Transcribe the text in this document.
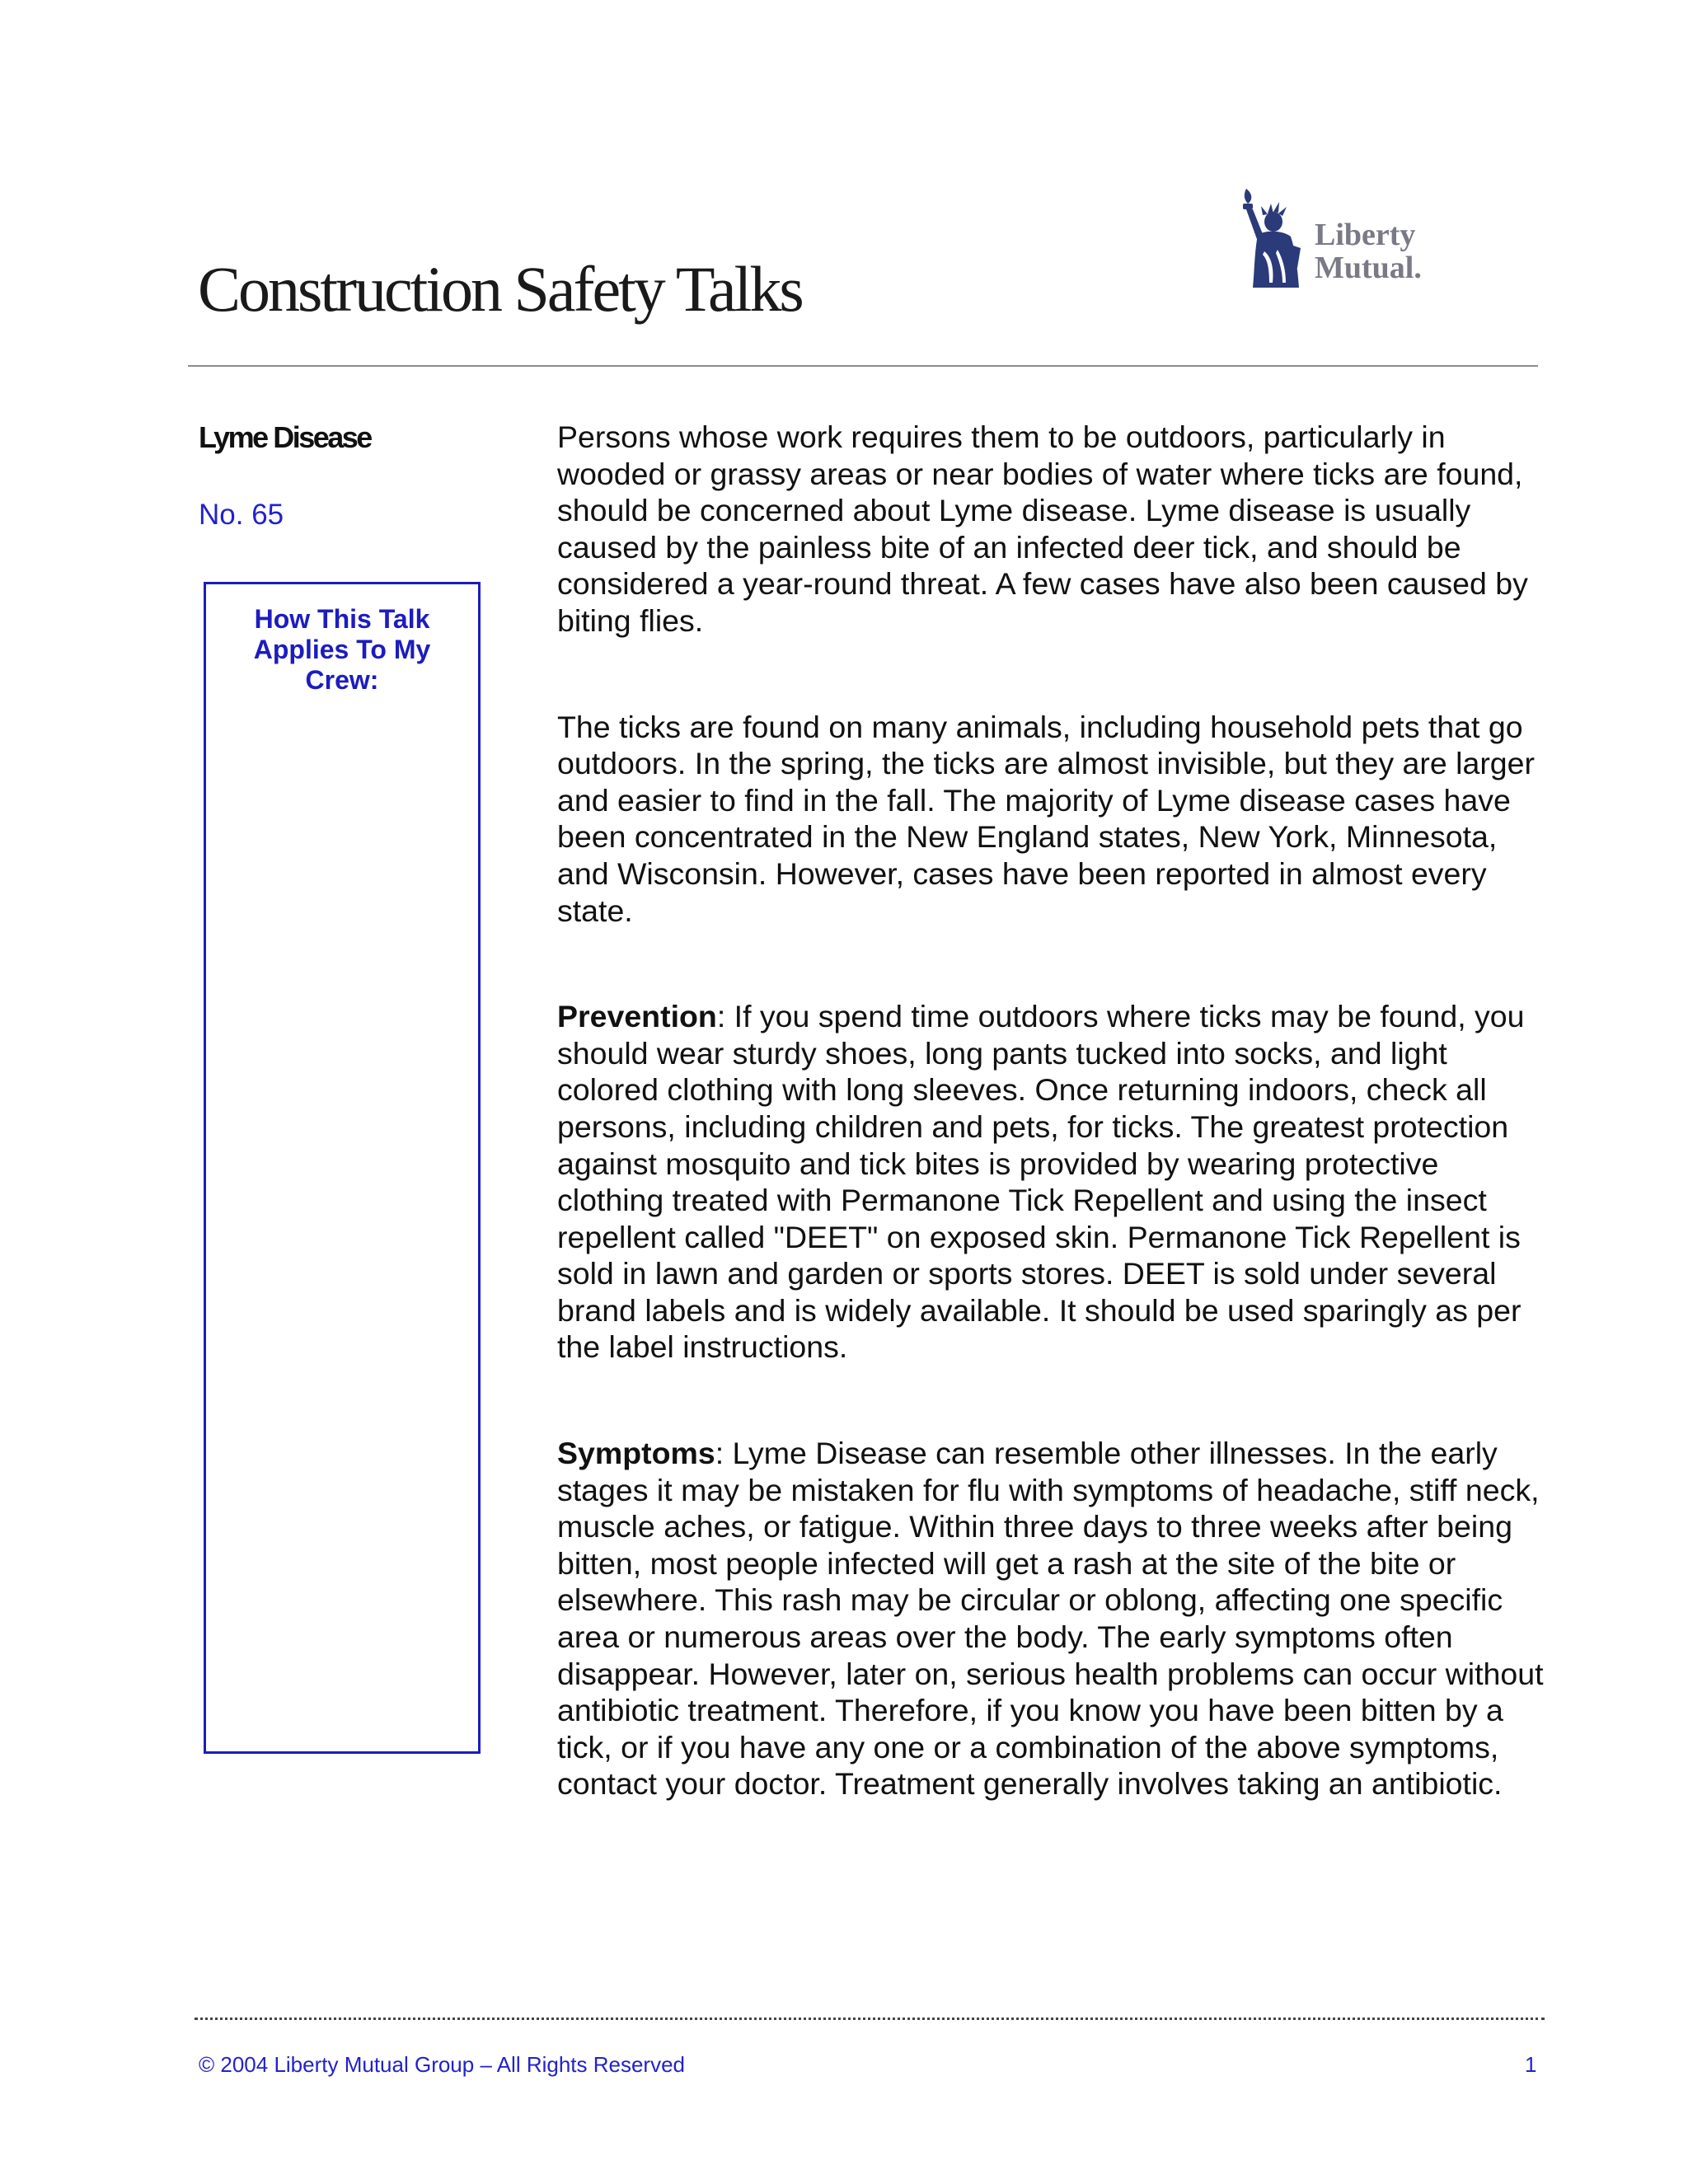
Construction Safety Talks
Liberty
Mutual.
Lyme Disease
No. 65
How This Talk Applies To My Crew:

Persons whose work requires them to be outdoors, particularly in wooded or grassy areas or near bodies of water where ticks are found, should be concerned about Lyme disease. Lyme disease is usually caused by the painless bite of an infected deer tick, and should be considered a year-round threat. A few cases have also been caused by biting flies.

The ticks are found on many animals, including household pets that go outdoors. In the spring, the ticks are almost invisible, but they are larger and easier to find in the fall. The majority of Lyme disease cases have been concentrated in the New England states, New York, Minnesota, and Wisconsin. However, cases have been reported in almost every state.

Prevention: If you spend time outdoors where ticks may be found, you should wear sturdy shoes, long pants tucked into socks, and light colored clothing with long sleeves. Once returning indoors, check all persons, including children and pets, for ticks. The greatest protection against mosquito and tick bites is provided by wearing protective clothing treated with Permanone Tick Repellent and using the insect repellent called "DEET" on exposed skin. Permanone Tick Repellent is sold in lawn and garden or sports stores. DEET is sold under several brand labels and is widely available. It should be used sparingly as per the label instructions.

Symptoms: Lyme Disease can resemble other illnesses. In the early stages it may be mistaken for flu with symptoms of headache, stiff neck, muscle aches, or fatigue. Within three days to three weeks after being bitten, most people infected will get a rash at the site of the bite or elsewhere. This rash may be circular or oblong, affecting one specific area or numerous areas over the body. The early symptoms often disappear. However, later on, serious health problems can occur without antibiotic treatment. Therefore, if you know you have been bitten by a tick, or if you have any one or a combination of the above symptoms, contact your doctor. Treatment generally involves taking an antibiotic.

© 2004 Liberty Mutual Group – All Rights Reserved	1
